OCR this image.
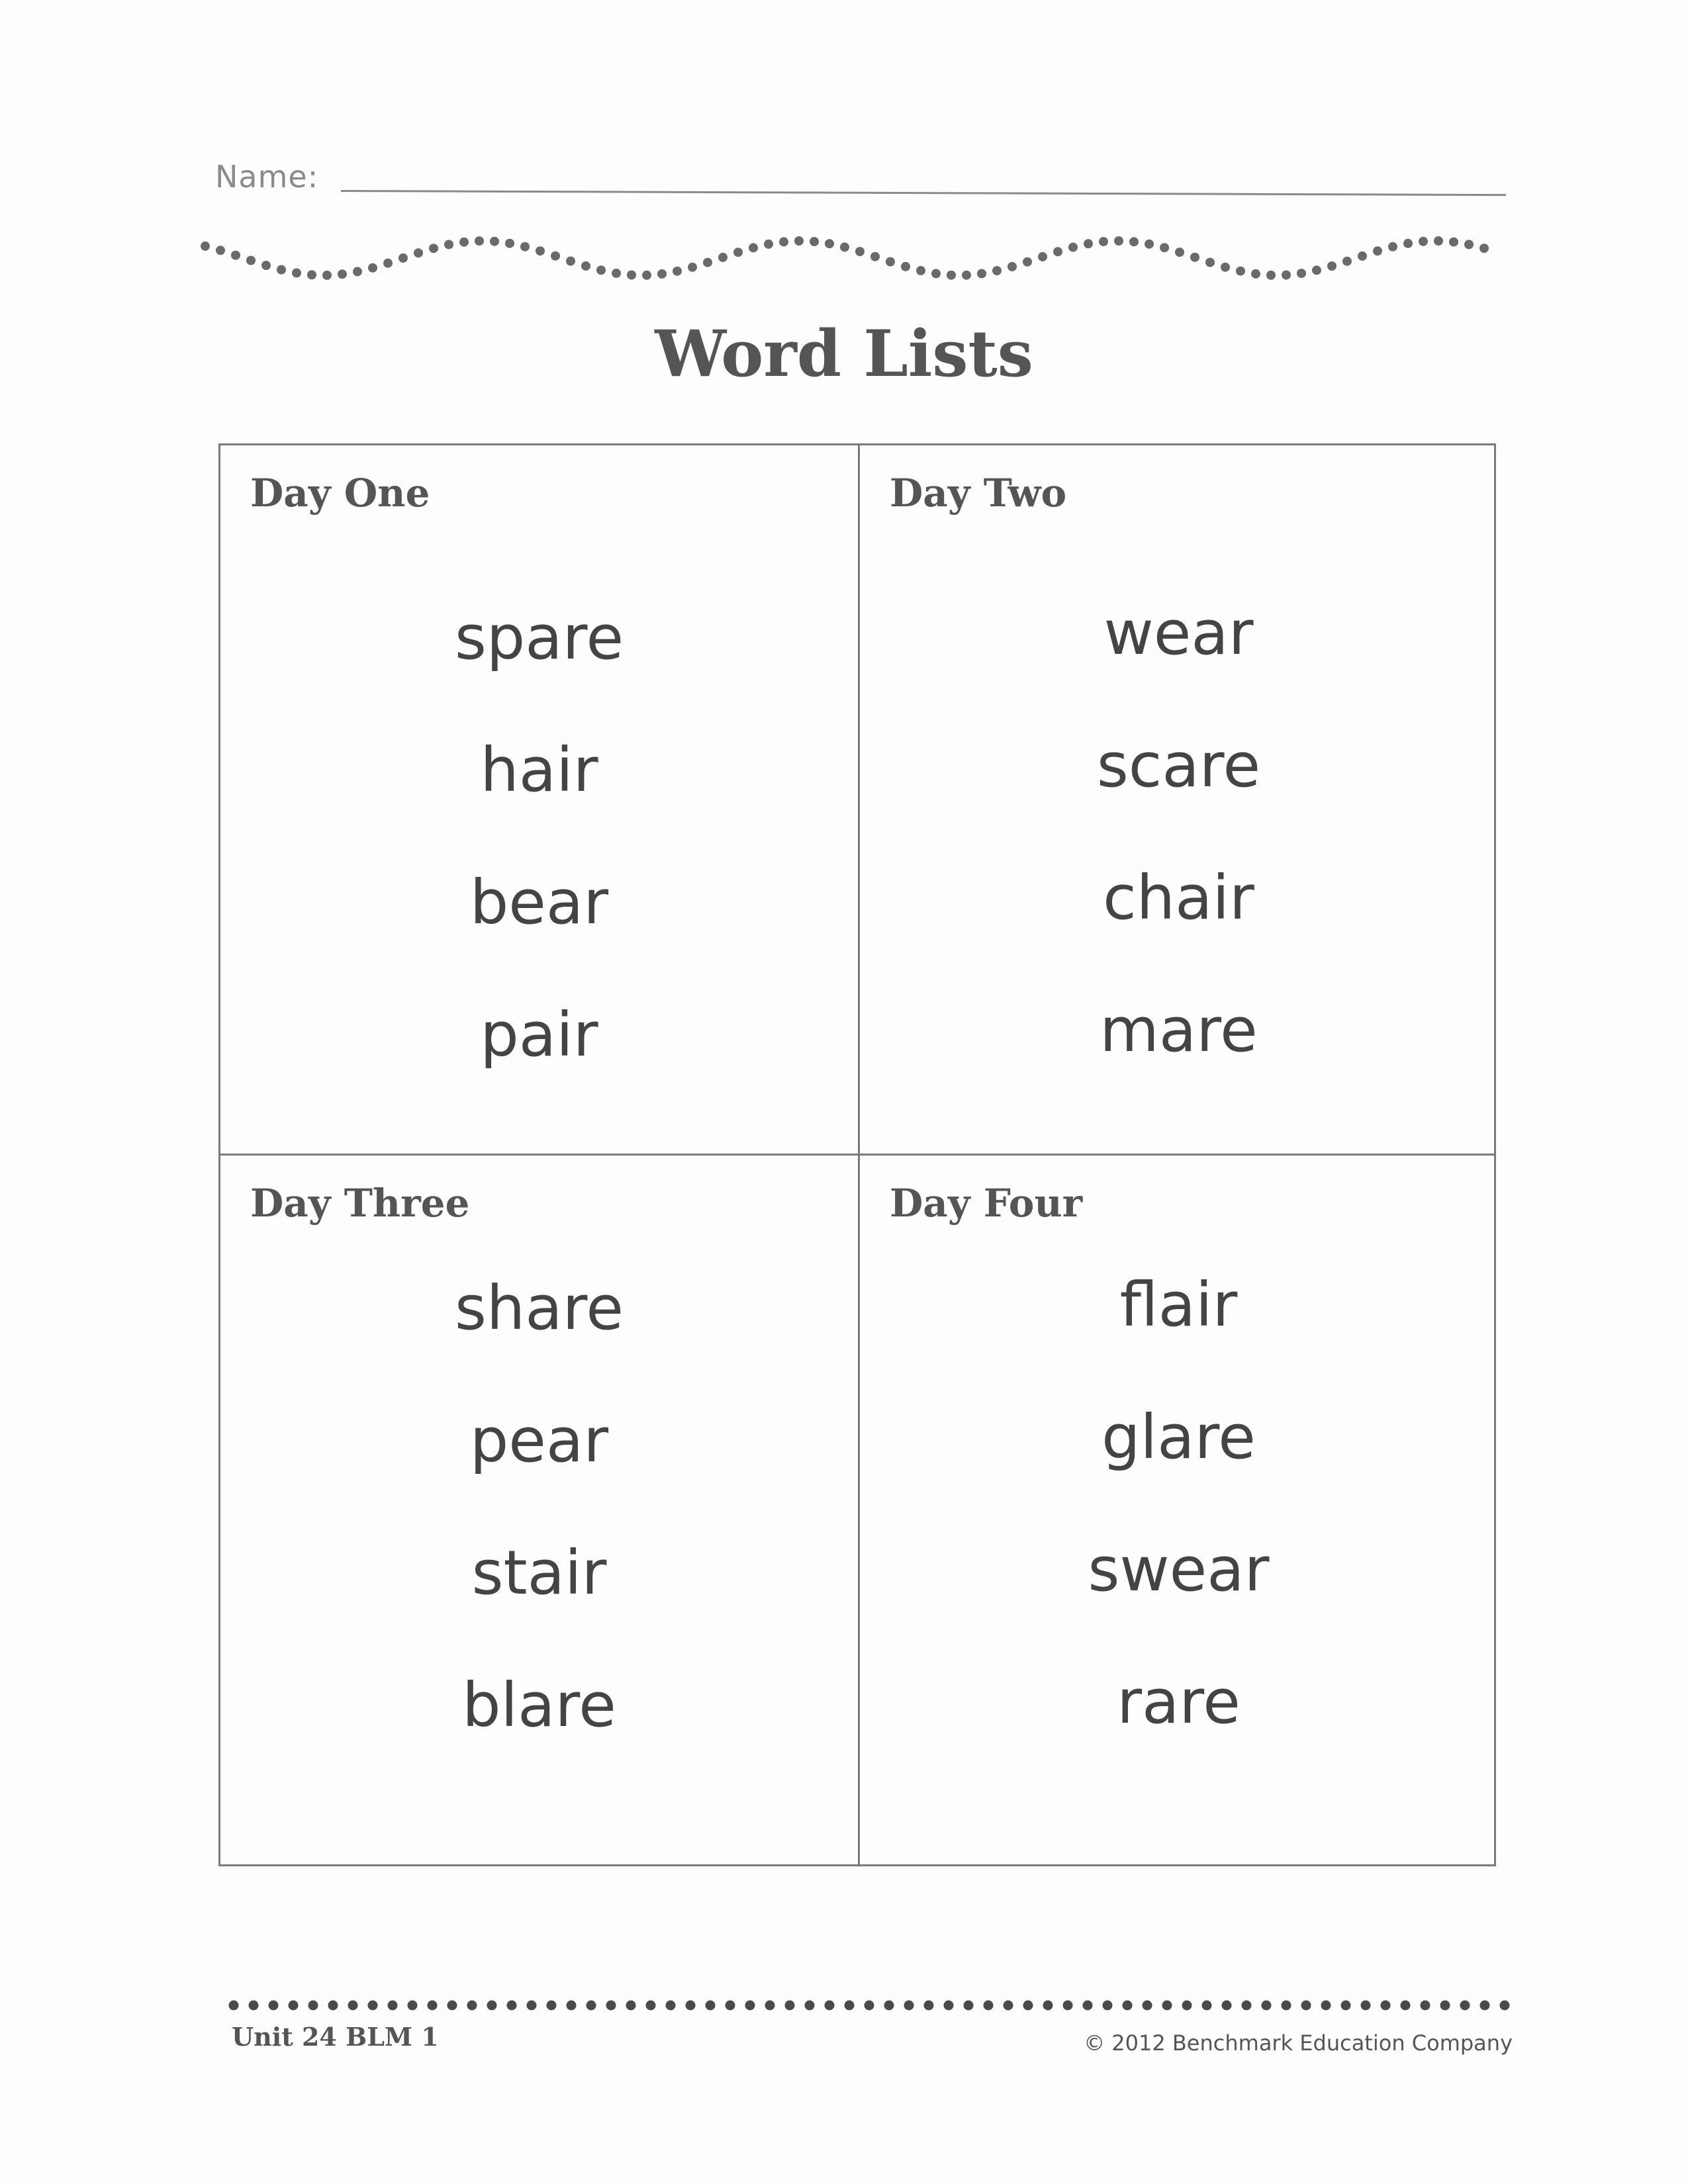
Name:
Word Lists
Day One
spare
hair
bear
pair
Day Two
wear
scare
chair
mare
Day Three
share
pear
stair
blare
Day Four
flair
glare
swear
rare
Unit 24 BLM 1	© 2012 Benchmark Education Company
